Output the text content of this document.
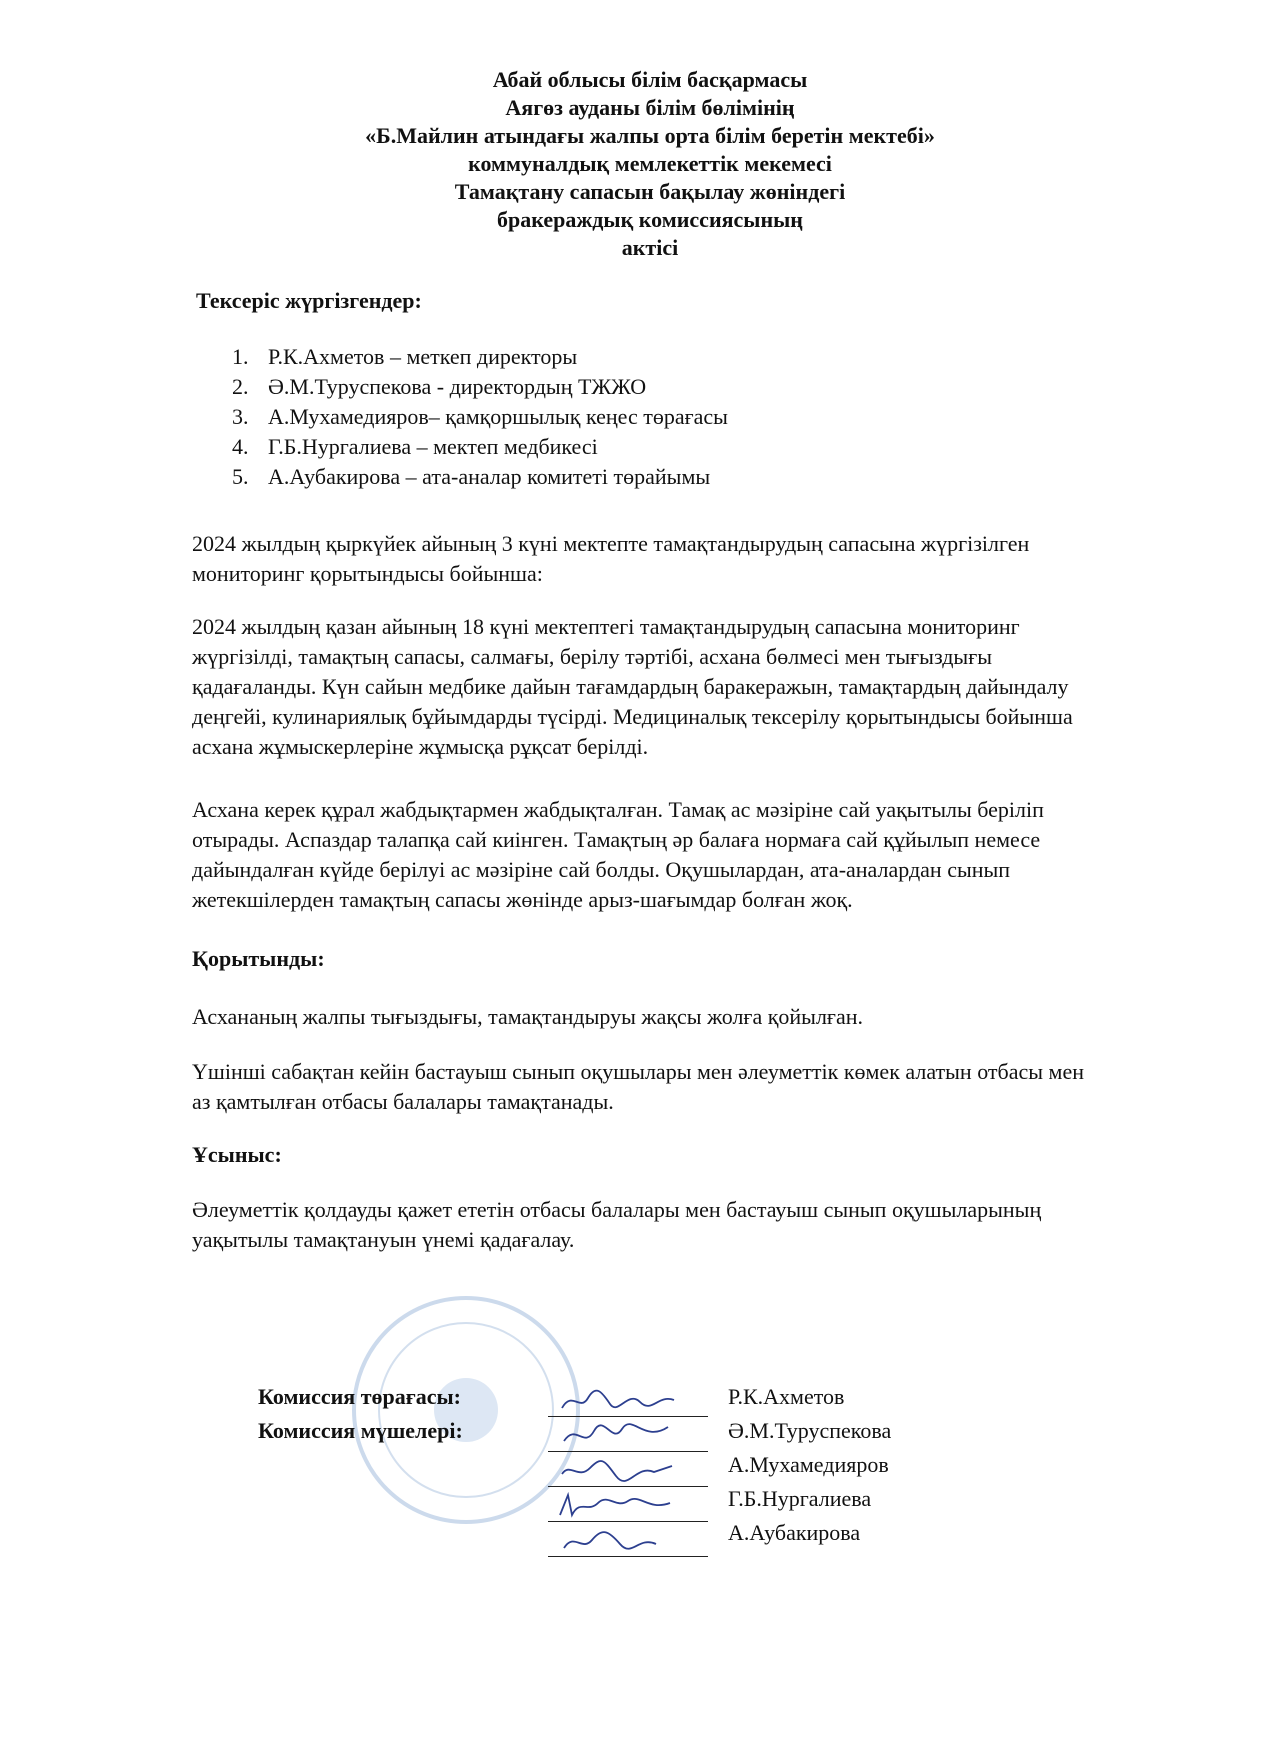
Абай облысы білім басқармасы
Аягөз ауданы білім бөлімінің
«Б.Майлин атындағы жалпы орта білім беретін мектебі»
коммуналдық мемлекеттік мекемесі
Тамақтану сапасын бақылау жөніндегі
бракераждық комиссиясының
актісі
Тексеріс жүргізгендер:
1. Р.К.Ахметов – меткеп директоры
2. Ә.М.Туруспекова - директордың ТЖЖО
3. А.Мухамедияров– қамқоршылық кеңес төрағасы
4. Г.Б.Нургалиева – мектеп медбикесі
5. А.Аубакирова – ата-аналар комитеті төрайымы

2024 жылдың қыркүйек айының 3 күні мектепте тамақтандырудың сапасына жүргізілген
мониторинг қорытындысы бойынша:

2024 жылдың қазан айының 18 күні мектептегі тамақтандырудың сапасына мониторинг
жүргізілді, тамақтың сапасы, салмағы, берілу тәртібі, асхана бөлмесі мен тығыздығы
қадағаланды. Күн сайын медбике дайын тағамдардың баракеражын, тамақтардың дайындалу
деңгейі, кулинариялық бұйымдарды түсірді. Медициналық тексерілу қорытындысы бойынша
асхана жұмыскерлеріне жұмысқа рұқсат берілді.

Асхана керек құрал жабдықтармен жабдықталған. Тамақ ас мәзіріне сай уақытылы беріліп
отырады. Аспаздар талапқа сай киінген. Тамақтың әр балаға нормаға сай құйылып немесе
дайындалған күйде берілуі ас мәзіріне сай болды. Оқушылардан, ата-аналардан сынып
жетекшілерден тамақтың сапасы жөнінде арыз-шағымдар болған жоқ.

Қорытынды:

Асхананың жалпы тығыздығы, тамақтандыруы жақсы жолға қойылған.

Үшінші сабақтан кейін бастауыш сынып оқушылары мен әлеуметтік көмек алатын отбасы мен
аз қамтылған отбасы балалары тамақтанады.

Ұсыныс:

Әлеуметтік қолдауды қажет ететін отбасы балалары мен бастауыш сынып оқушыларының
уақытылы тамақтануын үнемі қадағалау.

Комиссия төрағасы:
Комиссия мүшелері:
Р.К.Ахметов
Ә.М.Туруспекова
А.Мухамедияров
Г.Б.Нургалиева
А.Аубакирова
